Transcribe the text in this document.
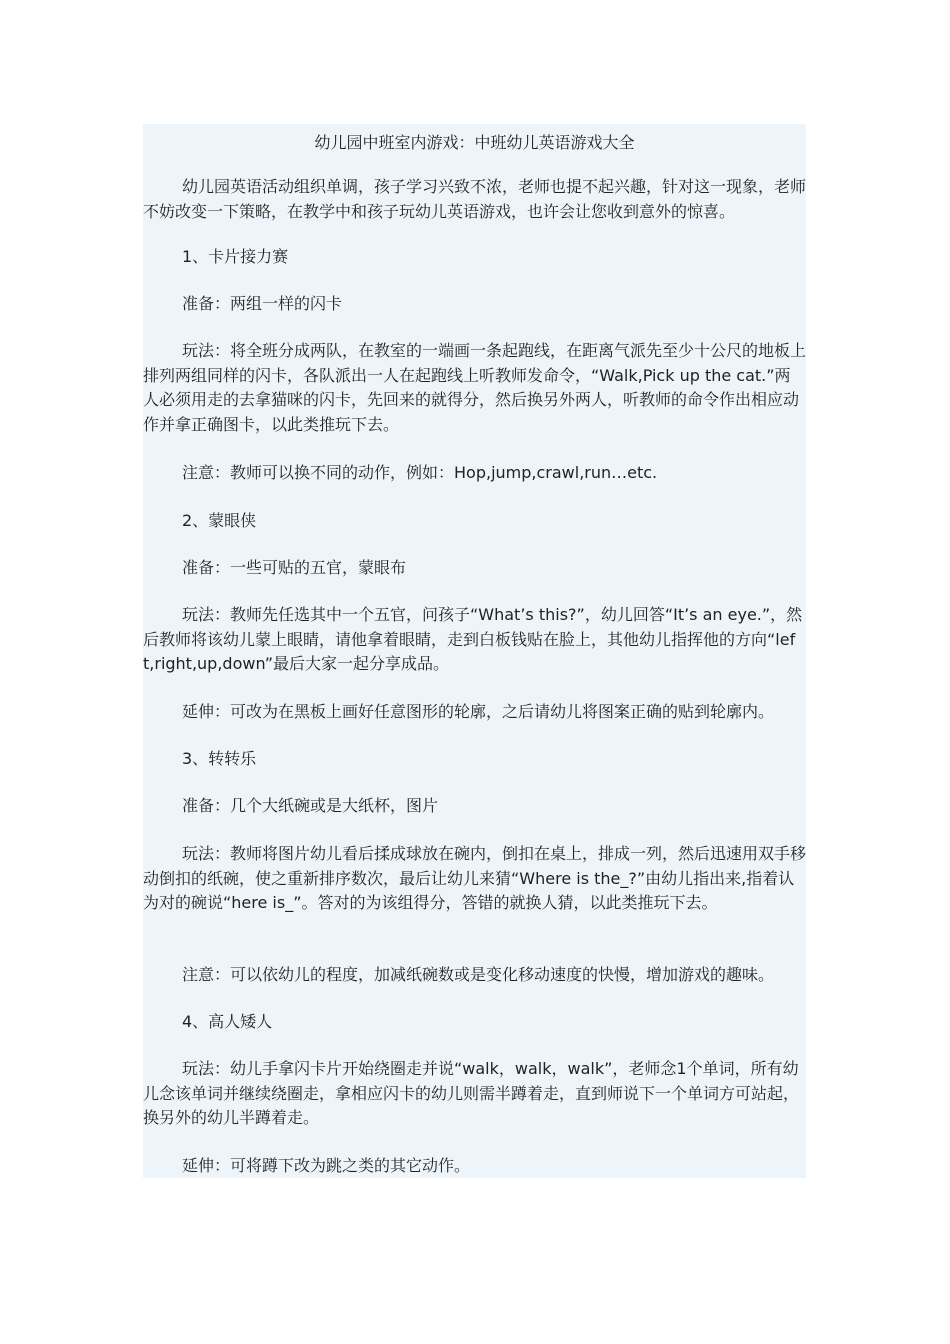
幼儿园中班室内游戏：中班幼儿英语游戏大全

幼儿园英语活动组织单调，孩子学习兴致不浓，老师也提不起兴趣，针对这一现象，老师不妨改变一下策略，在教学中和孩子玩幼儿英语游戏，也许会让您收到意外的惊喜。

1、卡片接力赛

准备：两组一样的闪卡

玩法：将全班分成两队，在教室的一端画一条起跑线，在距离气派先至少十公尺的地板上排列两组同样的闪卡，各队派出一人在起跑线上听教师发命令，“Walk,Pick up the cat.”两人必须用走的去拿猫咪的闪卡，先回来的就得分，然后换另外两人，听教师的命令作出相应动作并拿正确图卡，以此类推玩下去。

注意：教师可以换不同的动作，例如：Hop,jump,crawl,run…etc.

2、蒙眼侠

准备：一些可贴的五官，蒙眼布

玩法：教师先任选其中一个五官，问孩子“What’s this?”，幼儿回答“It’s an eye.”，然后教师将该幼儿蒙上眼睛，请他拿着眼睛，走到白板钱贴在脸上，其他幼儿指挥他的方向“left,right,up,down”最后大家一起分享成品。

延伸：可改为在黑板上画好任意图形的轮廓，之后请幼儿将图案正确的贴到轮廓内。

3、转转乐

准备：几个大纸碗或是大纸杯，图片

玩法：教师将图片幼儿看后揉成球放在碗内，倒扣在桌上，排成一列，然后迅速用双手移动倒扣的纸碗，使之重新排序数次，最后让幼儿来猜“Where is the_?”由幼儿指出来,指着认为对的碗说“here is_”。答对的为该组得分，答错的就换人猜，以此类推玩下去。

注意：可以依幼儿的程度，加减纸碗数或是变化移动速度的快慢，增加游戏的趣味。

4、高人矮人

玩法：幼儿手拿闪卡片开始绕圈走并说“walk，walk，walk”，老师念1个单词，所有幼儿念该单词并继续绕圈走，拿相应闪卡的幼儿则需半蹲着走，直到师说下一个单词方可站起，换另外的幼儿半蹲着走。

延伸：可将蹲下改为跳之类的其它动作。
